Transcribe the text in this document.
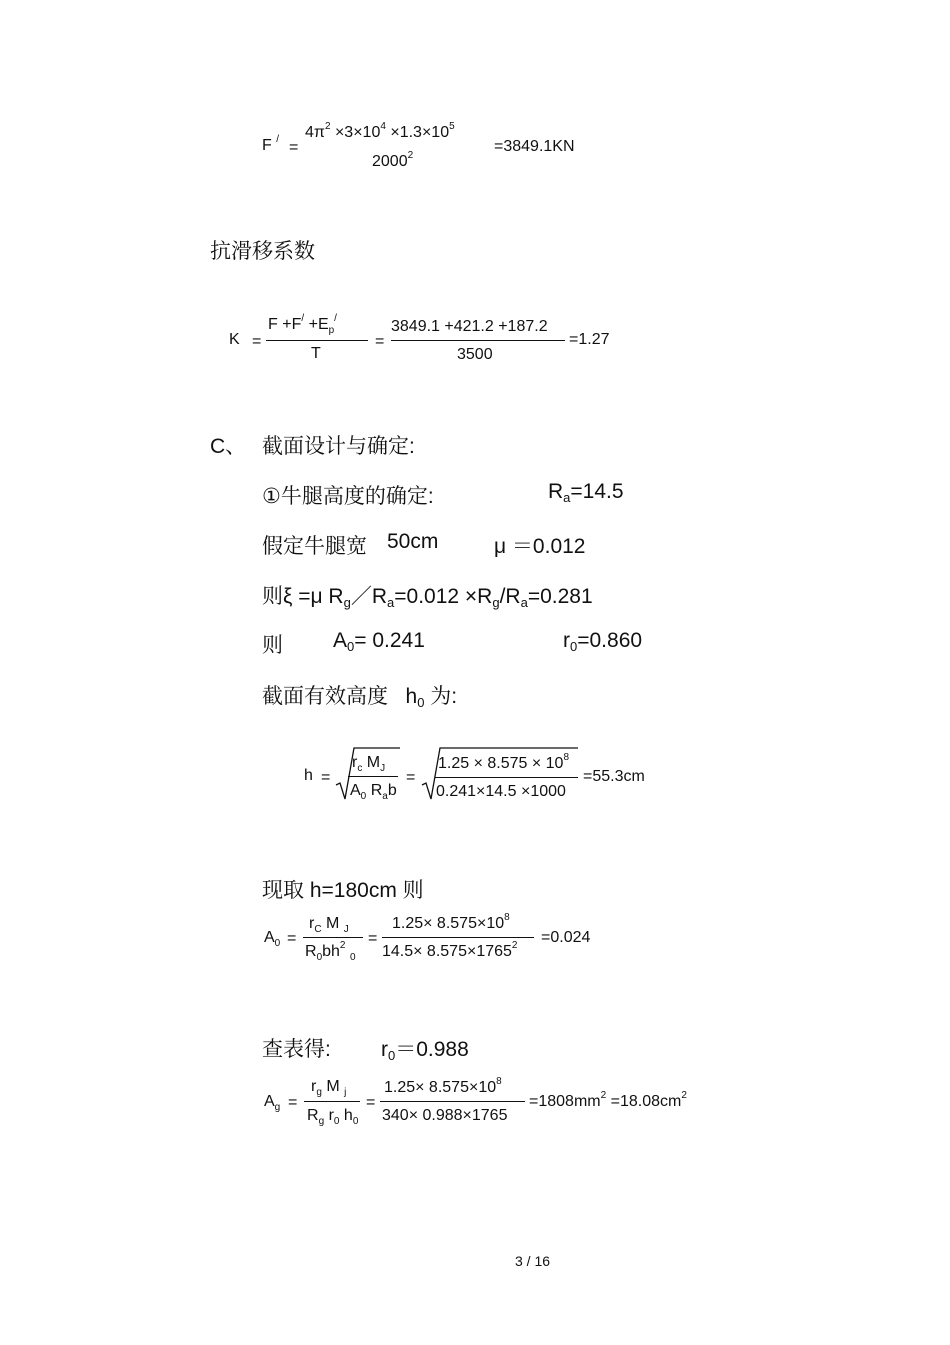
F / =
$4\pi^2 \times 3\times 10^4 \times 1.3\times 10^5$
$2000^2$
=3849.1KN
抗滑移系数
K =
$F +F^/ +E_p^/$
T
=
3849.1 +421.2 +187.2
3500
=1.27
C、 截面设计与确定:
①牛腿高度的确定:	Ra=14.5
假定牛腿宽 50cm	μ ＝0.012
则ξ =μ Rg／Ra=0.012 ×Rg/Ra=0.281
则 A0= 0.241	r0=0.860
截面有效高度 h0 为:
h =
$r_c$ $M_J$
$A_0$ $R_ab$
=
$1.25 \times 8.575 \times 10^8$
0.241×14.5 ×1000
=55.3cm
现取 h=180cm 则
$A_0$ =
$r_C$ M $_J$
$R_0bh^2$ $_0$
=
$1.25\times 8.575\times 10^8$
$14.5\times 8.575\times 1765^2 =0.024$
查表得: r0＝0.988
$A_g$ =
$r_g$ M $_j$
$R_g$ $r_0$ $h_0$
=
$1.25\times 8.575\times 10^8$
340× 0.988×1765
$=1808mm^2 =18.08cm^2$
3 / 16
